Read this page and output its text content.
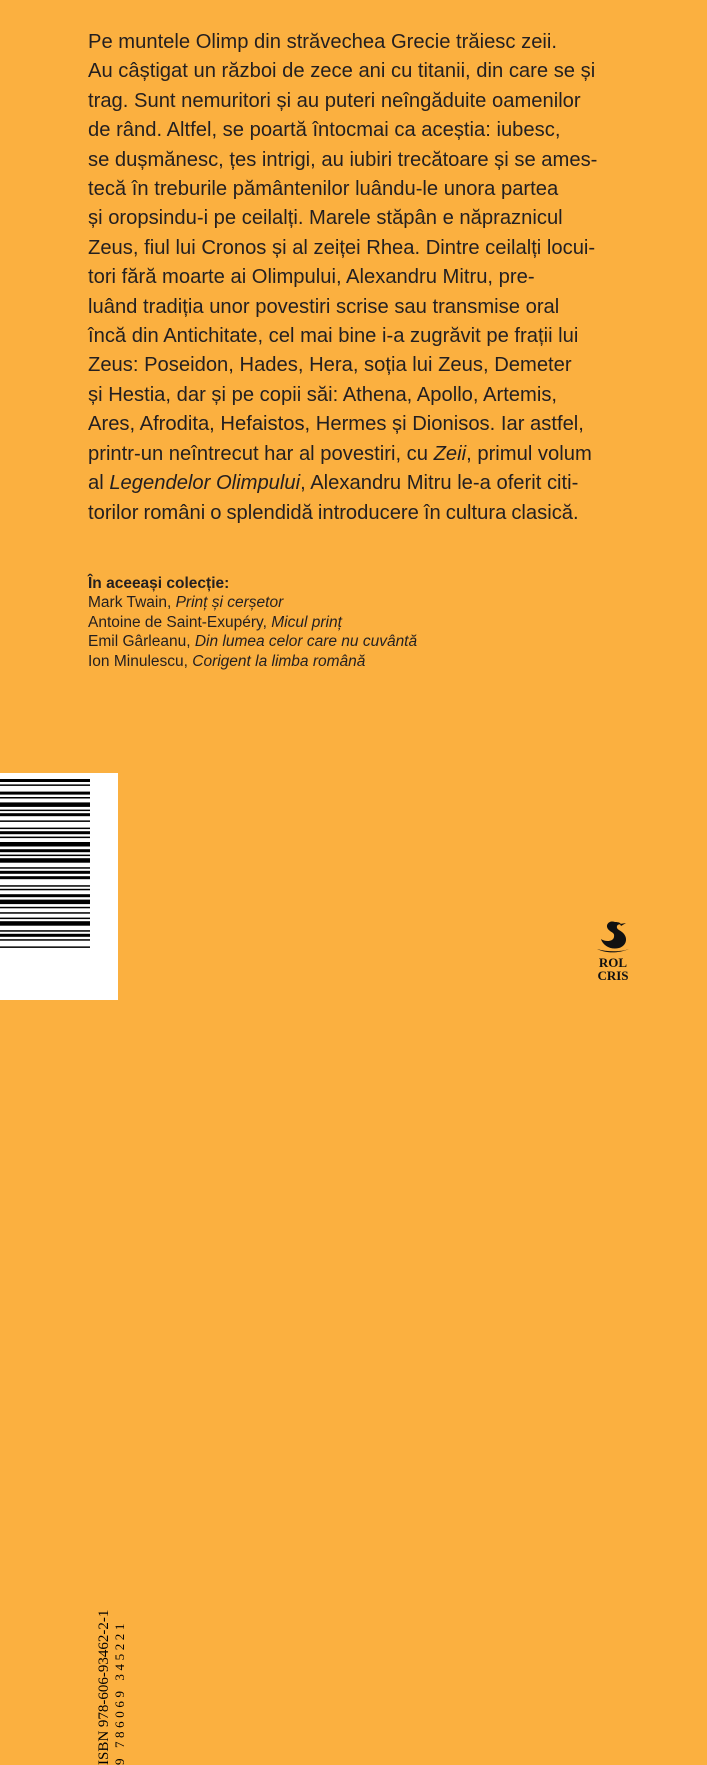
Pe muntele Olimp din străvechea Grecie trăiesc zeii.
Au câștigat un război de zece ani cu titanii, din care se și
trag. Sunt nemuritori și au puteri neîngăduite oamenilor
de rând. Altfel, se poartă întocmai ca aceștia: iubesc,
se dușmănesc, țes intrigi, au iubiri trecătoare și se ames-
tecă în treburile pământenilor luându-le unora partea
și oropsindu-i pe ceilalți. Marele stăpân e năpraznicul
Zeus, fiul lui Cronos și al zeiței Rhea. Dintre ceilalți locui-
tori fără moarte ai Olimpului, Alexandru Mitru, pre-
luând tradiția unor povestiri scrise sau transmise oral
încă din Antichitate, cel mai bine i-a zugrăvit pe frații lui
Zeus: Poseidon, Hades, Hera, soția lui Zeus, Demeter
și Hestia, dar și pe copii săi: Athena, Apollo, Artemis,
Ares, Afrodita, Hefaistos, Hermes și Dionisos. Iar astfel,
printr-un neîntrecut har al povestiri, cu Zeii, primul volum
al Legendelor Olimpului, Alexandru Mitru le-a oferit citi-
torilor români o splendidă introducere în cultura clasică.
În aceeași colecție:
Mark Twain, Prinț și cerșetor
Antoine de Saint-Exupéry, Micul prinț
Emil Gârleanu, Din lumea celor care nu cuvântă
Ion Minulescu, Corigent la limba română
ISBN 978-606-93462-2-1 9 786069 345221
ROL
CRIS
